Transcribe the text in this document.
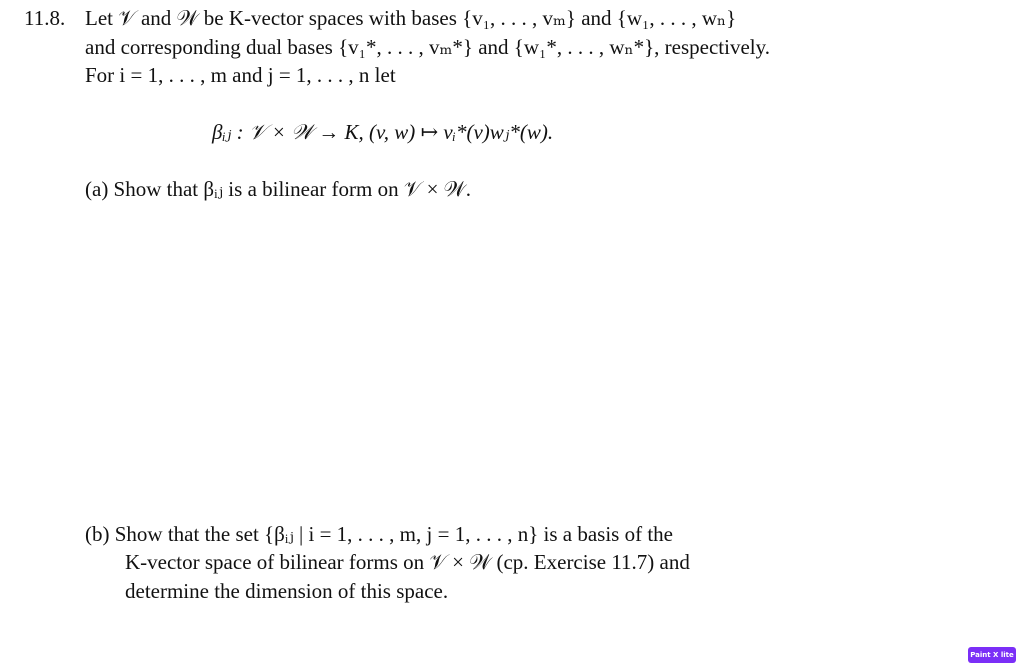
11.8. Let 𝒱 and 𝒲 be K-vector spaces with bases {v₁, . . . , vₘ} and {w₁, . . . , wₙ}
and corresponding dual bases {v₁*, . . . , vₘ*} and {w₁*, . . . , wₙ*}, respectively.
For i = 1, . . . , m and j = 1, . . . , n let
βᵢⱼ : 𝒱 × 𝒲 → K, (v, w) ↦ vᵢ*(v)wⱼ*(w).
(a) Show that βᵢⱼ is a bilinear form on 𝒱 × 𝒲.
(b) Show that the set {βᵢⱼ | i = 1, . . . , m, j = 1, . . . , n} is a basis of the
K-vector space of bilinear forms on 𝒱 × 𝒲 (cp. Exercise 11.7) and
determine the dimension of this space.
Paint X lite
